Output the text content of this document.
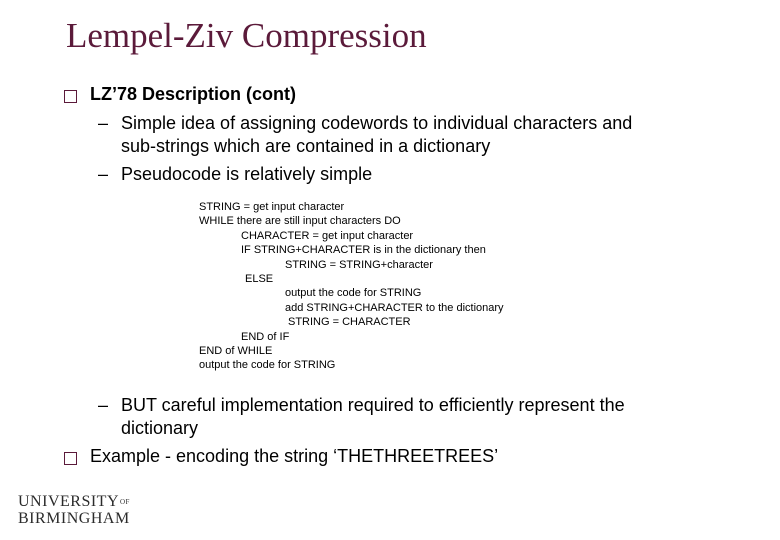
Lempel-Ziv Compression
LZ’78 Description (cont)
– Simple idea of assigning codewords to individual characters and
sub-strings which are contained in a dictionary
– Pseudocode is relatively simple
STRING = get input character
WHILE there are still input characters DO
CHARACTER = get input character
IF STRING+CHARACTER is in the dictionary then
STRING = STRING+character
ELSE
output the code for STRING
add STRING+CHARACTER to the dictionary
STRING = CHARACTER
END of IF
END of WHILE
output the code for STRING
– BUT careful implementation required to efficiently represent the
dictionary
Example - encoding the string ‘THETHREETREES’
$UNIVERSITY^{OF}$
BIRMINGHAM
